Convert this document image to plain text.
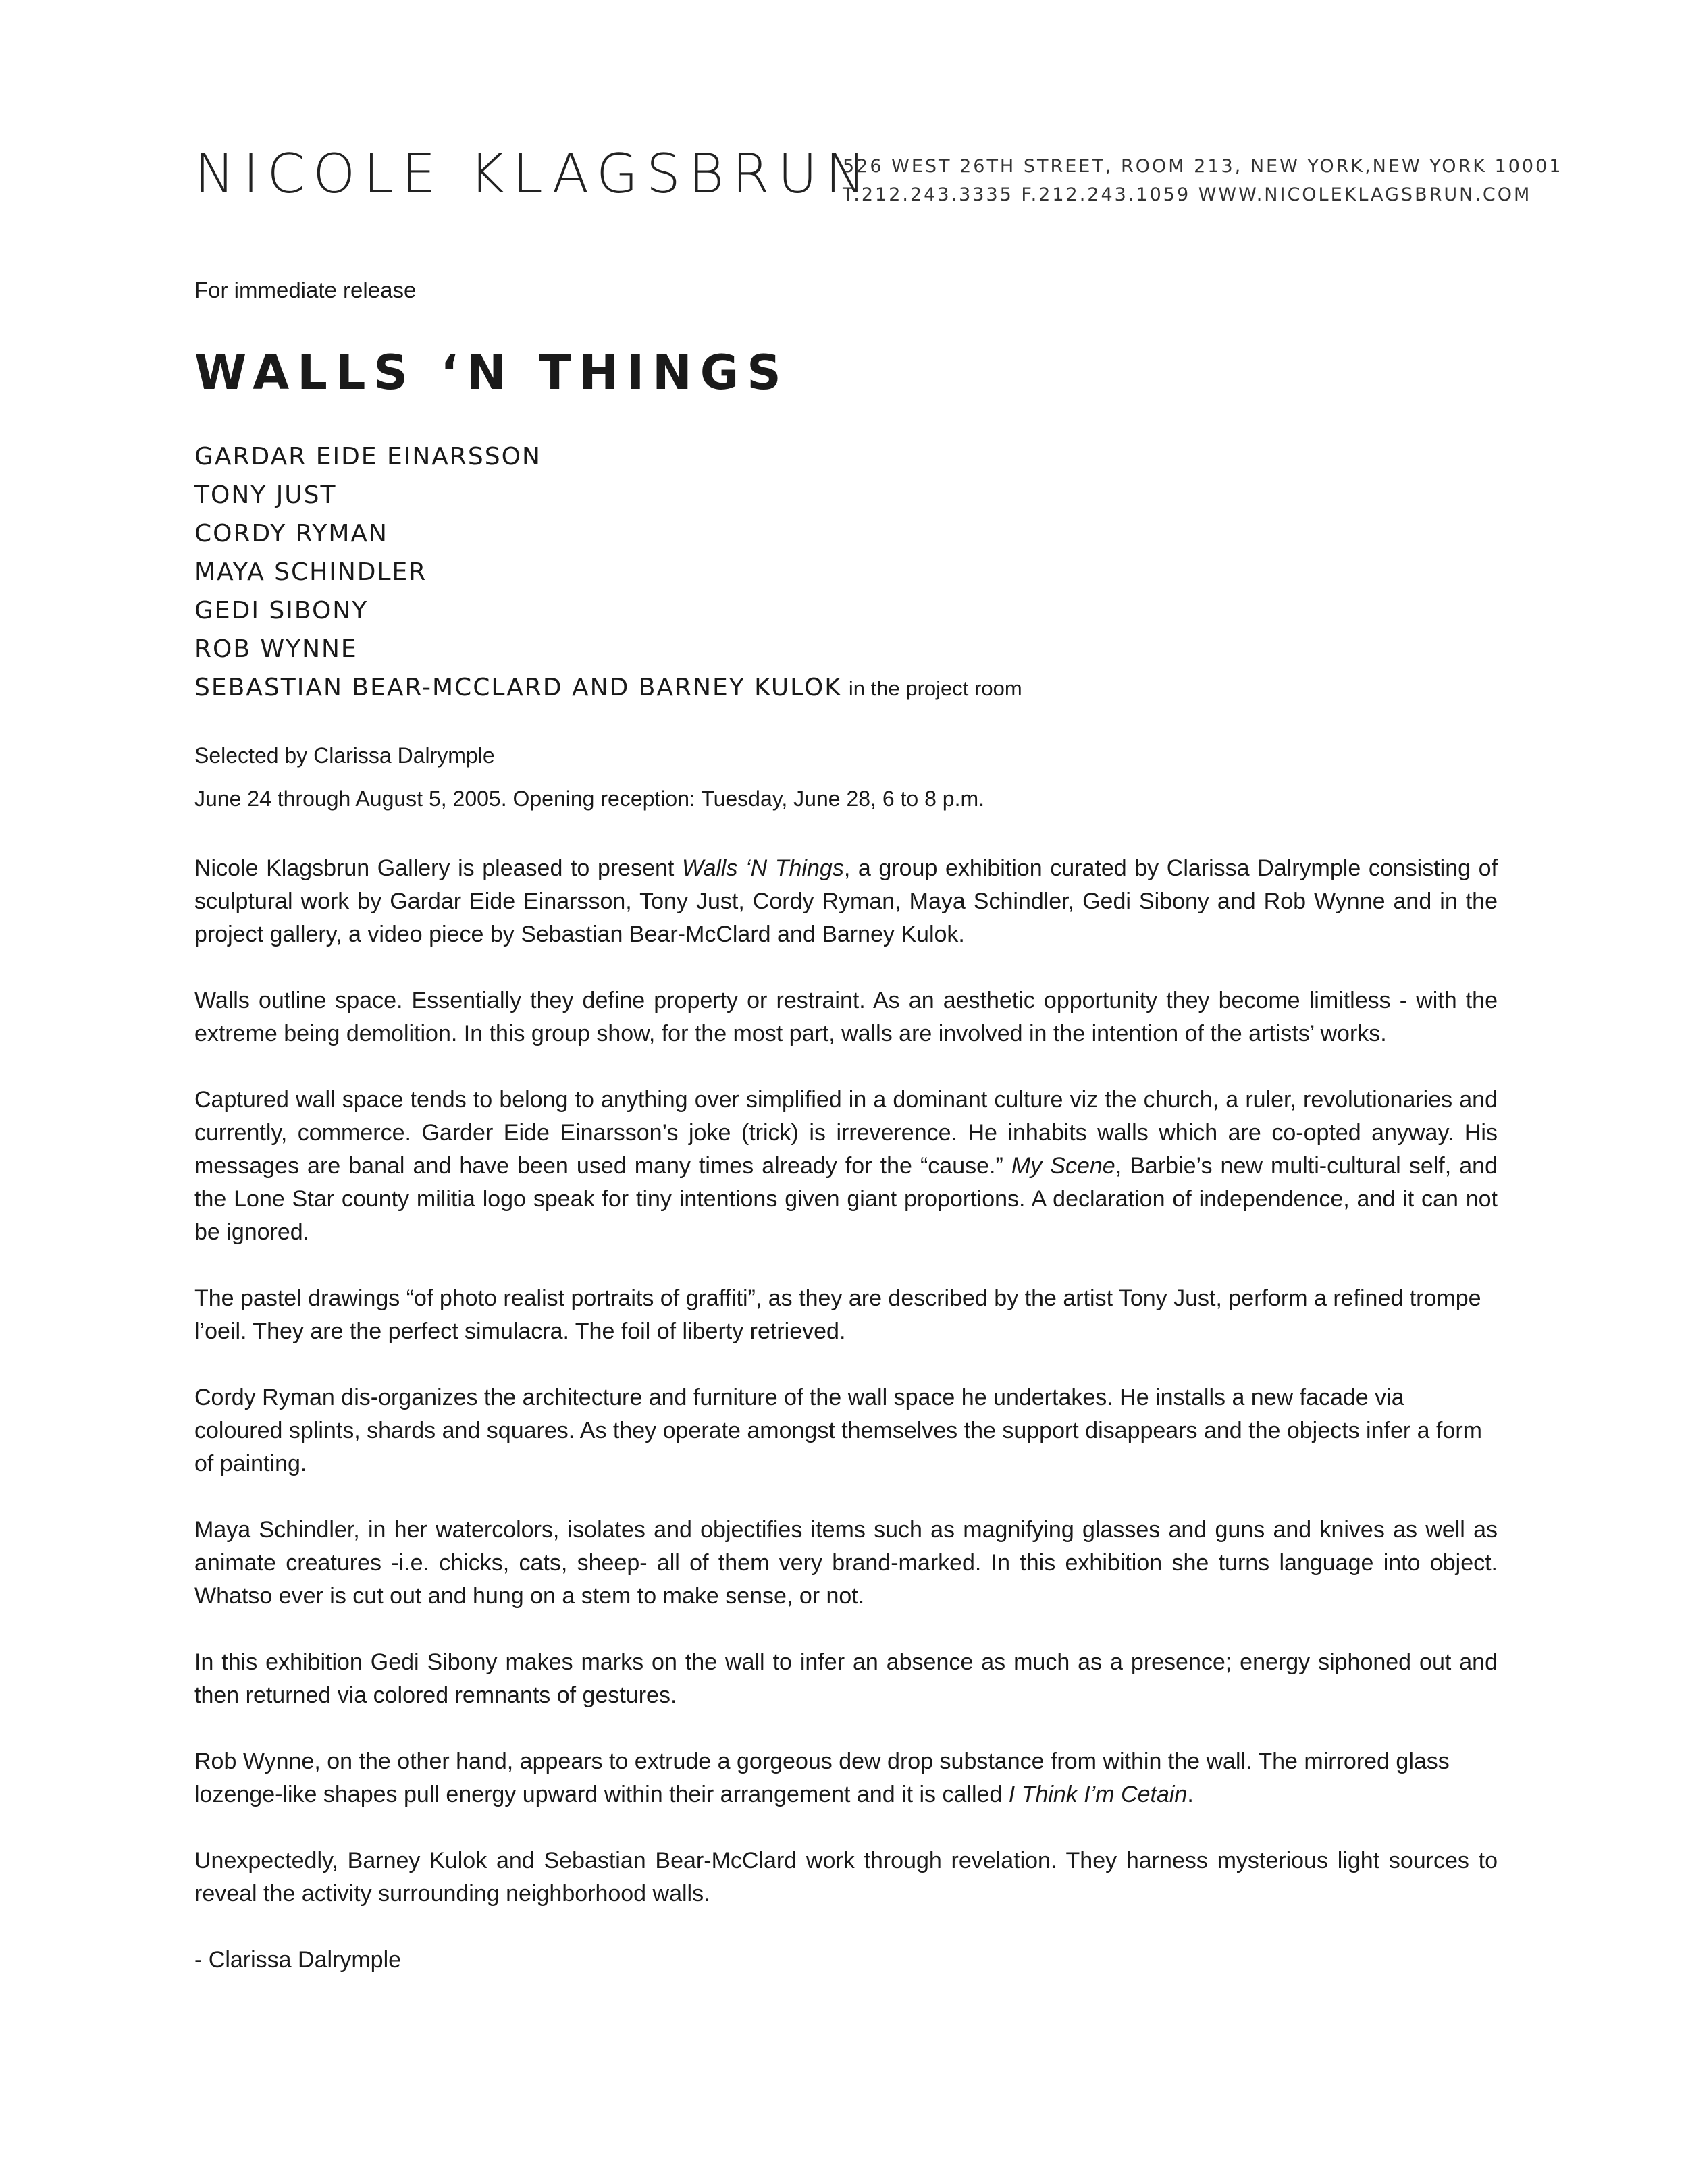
NICOLE KLAGSBRUN
526 WEST 26TH STREET, ROOM 213, NEW YORK,NEW YORK 10001
T.212.243.3335 F.212.243.1059 WWW.NICOLEKLAGSBRUN.COM
For immediate release
WALLS ‘N THINGS
GARDAR EIDE EINARSSON
TONY JUST
CORDY RYMAN
MAYA SCHINDLER
GEDI SIBONY
ROB WYNNE
SEBASTIAN BEAR-MCCLARD AND BARNEY KULOK in the project room
Selected by Clarissa Dalrymple
June 24 through August 5, 2005. Opening reception: Tuesday, June 28, 6 to 8 p.m.

Nicole Klagsbrun Gallery is pleased to present Walls ‘N Things, a group exhibition curated by Clarissa Dalrymple consisting of sculptural work by Gardar Eide Einarsson, Tony Just, Cordy Ryman, Maya Schindler, Gedi Sibony and Rob Wynne and in the project gallery, a video piece by Sebastian Bear-McClard and Barney Kulok.

Walls outline space. Essentially they define property or restraint. As an aesthetic opportunity they become limitless - with the extreme being demolition. In this group show, for the most part, walls are involved in the intention of the artists’ works.

Captured wall space tends to belong to anything over simplified in a dominant culture viz the church, a ruler, revolutionaries and currently, commerce. Garder Eide Einarsson’s joke (trick) is irreverence. He inhabits walls which are co-opted anyway. His messages are banal and have been used many times already for the “cause.” My Scene, Barbie’s new multi-cultural self, and the Lone Star county militia logo speak for tiny intentions given giant proportions. A declaration of independence, and it can not be ignored.

The pastel drawings “of photo realist portraits of graffiti”, as they are described by the artist Tony Just, perform a refined trompe l’oeil. They are the perfect simulacra. The foil of liberty retrieved.

Cordy Ryman dis-organizes the architecture and furniture of the wall space he undertakes. He installs a new facade via coloured splints, shards and squares. As they operate amongst themselves the support disappears and the objects infer a form of painting.

Maya Schindler, in her watercolors, isolates and objectifies items such as magnifying glasses and guns and knives as well as animate creatures -i.e. chicks, cats, sheep- all of them very brand-marked. In this exhibition she turns language into object. Whatso ever is cut out and hung on a stem to make sense, or not.

In this exhibition Gedi Sibony makes marks on the wall to infer an absence as much as a presence; energy siphoned out and then returned via colored remnants of gestures.

Rob Wynne, on the other hand, appears to extrude a gorgeous dew drop substance from within the wall. The mirrored glass lozenge-like shapes pull energy upward within their arrangement and it is called I Think I’m Cetain.

Unexpectedly, Barney Kulok and Sebastian Bear-McClard work through revelation. They harness mysterious light sources to reveal the activity surrounding neighborhood walls.

- Clarissa Dalrymple
